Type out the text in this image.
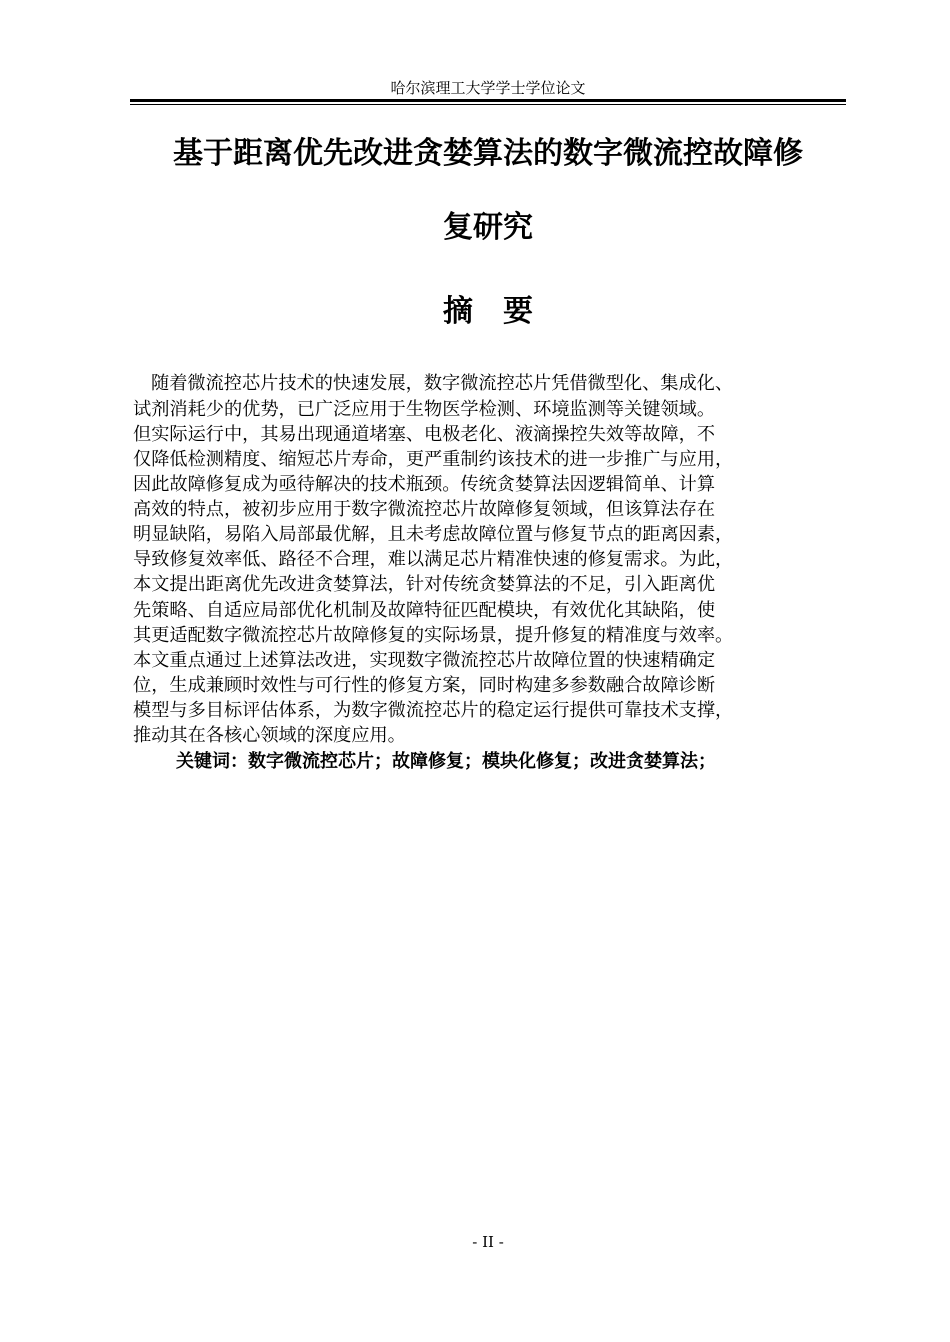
哈尔滨理工大学学士学位论文
基于距离优先改进贪婪算法的数字微流控故障修
复研究
摘　要
随着微流控芯片技术的快速发展，数字微流控芯片凭借微型化、集成化、
试剂消耗少的优势，已广泛应用于生物医学检测、环境监测等关键领域。
但实际运行中，其易出现通道堵塞、电极老化、液滴操控失效等故障，不
仅降低检测精度、缩短芯片寿命，更严重制约该技术的进一步推广与应用，
因此故障修复成为亟待解决的技术瓶颈。传统贪婪算法因逻辑简单、计算
高效的特点，被初步应用于数字微流控芯片故障修复领域，但该算法存在
明显缺陷，易陷入局部最优解，且未考虑故障位置与修复节点的距离因素，
导致修复效率低、路径不合理，难以满足芯片精准快速的修复需求。为此，
本文提出距离优先改进贪婪算法，针对传统贪婪算法的不足，引入距离优
先策略、自适应局部优化机制及故障特征匹配模块，有效优化其缺陷，使
其更适配数字微流控芯片故障修复的实际场景，提升修复的精准度与效率。
本文重点通过上述算法改进，实现数字微流控芯片故障位置的快速精确定
位，生成兼顾时效性与可行性的修复方案，同时构建多参数融合故障诊断
模型与多目标评估体系，为数字微流控芯片的稳定运行提供可靠技术支撑，
推动其在各核心领域的深度应用。
关键词：数字微流控芯片；故障修复；模块化修复；改进贪婪算法；
- II -
